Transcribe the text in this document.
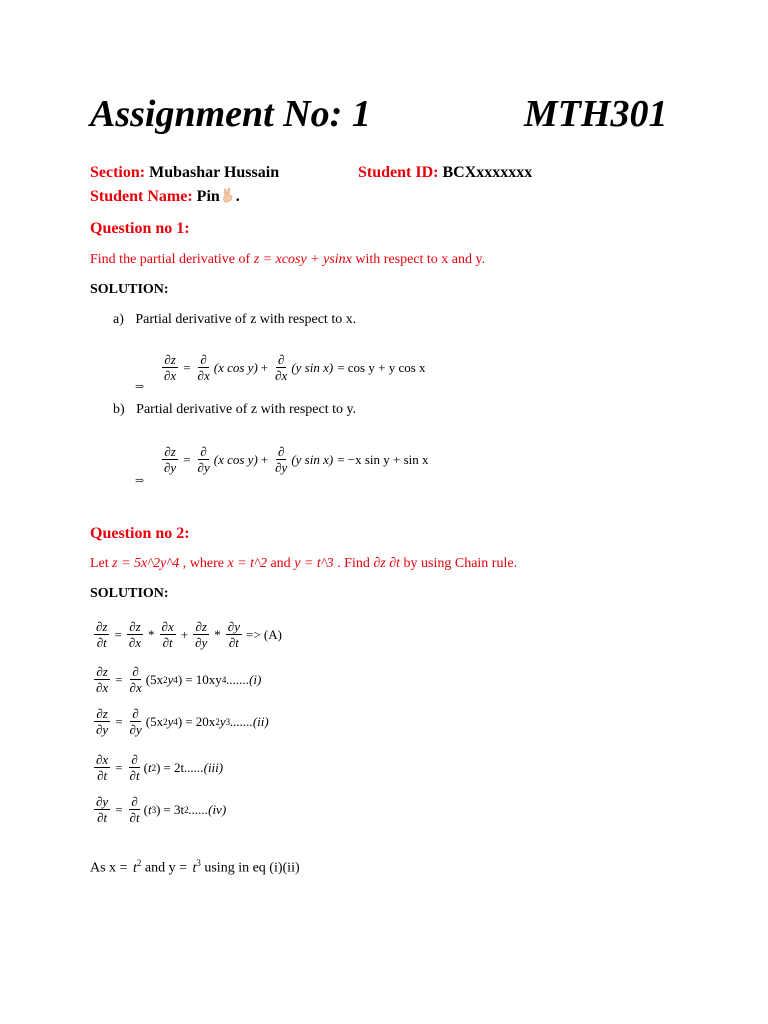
Assignment No: 1	MTH301
Section: Mubashar Hussain	Student ID: BCXxxxxxxx
Student Name: Pin .
Question no 1:
Find the partial derivative of z = xcosy + ysinx with respect to x and y.
SOLUTION:
a) Partial derivative of z with respect to x.
⇒
$\frac{\partial z}{\partial x} = \frac{\partial}{\partial x} (x$ $\cos y) + \frac{\partial}{\partial x} (y$ sin x) = cos y + y cos x
b) Partial derivative of z with respect to y.
⇒
$\frac{\partial z}{\partial y} = \frac{\partial}{\partial y} (x$ $\cos y) + \frac{\partial}{\partial y} (y$ sin x) = −x sin y + sin x
Question no 2:
Let z = 5x^2y^4 , where x = t^2 and y = t^3 . Find ∂z ∂t by using Chain rule.
SOLUTION:
$\frac{\partial z}{\partial t} = \frac{\partial z}{\partial x} * \frac{\partial x}{\partial t} + \frac{\partial z}{\partial y} * \frac{\partial y}{\partial t} => (A)$
$\frac{\partial z}{\partial x} = \frac{\partial}{\partial x} (5x$ 2 y 4 ) = 10xy 4 .......(i)
$\frac{\partial z}{\partial y} = \frac{\partial}{\partial y} (5x$ 2 y 4 ) = 20x 2 y 3 .......(ii)
$\frac{\partial x}{\partial t} = \frac{\partial}{\partial t}$ ( t 2 ) = 2t ......(iii)
$\frac{\partial y}{\partial t} = \frac{\partial}{\partial t}$ ( t 3 ) = 3t 2 ......(iv)
As $x = t^2$ and $y = t^3$ using in eq (i)(ii)
